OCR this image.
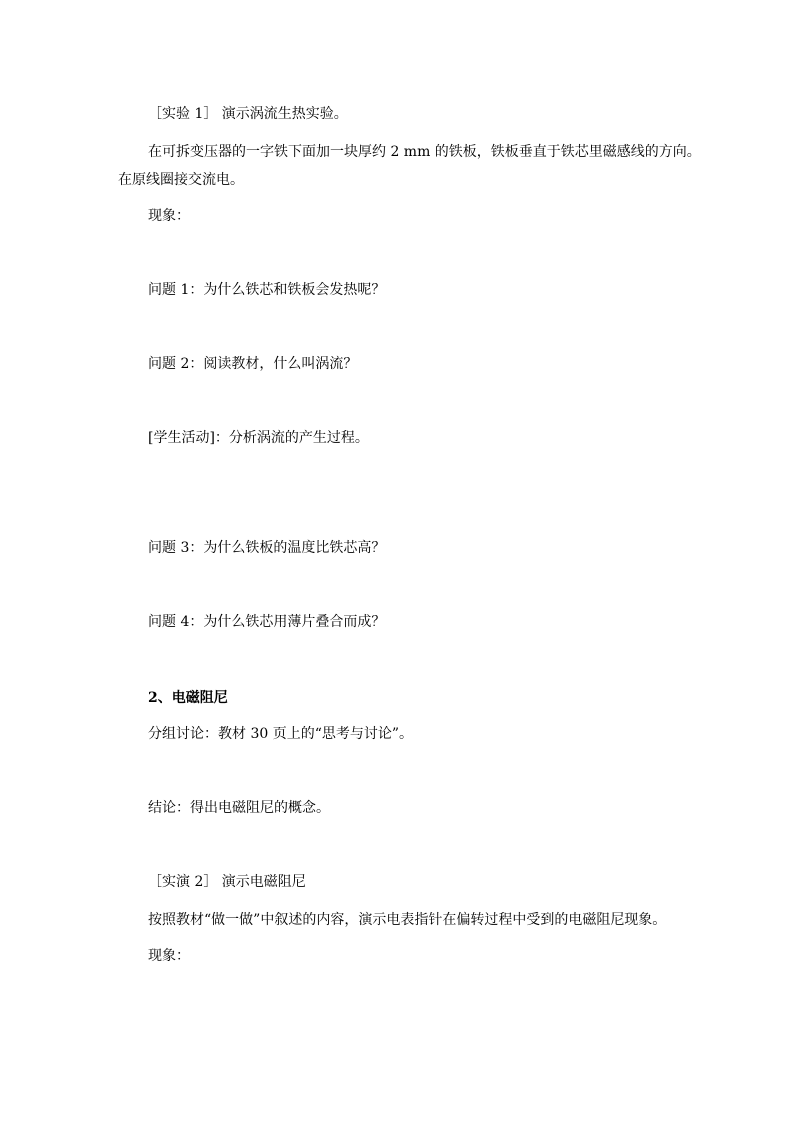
［实验 1］ 演示涡流生热实验。
在可拆变压器的一字铁下面加一块厚约 2 mm 的铁板，铁板垂直于铁芯里磁感线的方向。
在原线圈接交流电。
现象：
问题 1：为什么铁芯和铁板会发热呢？
问题 2：阅读教材，什么叫涡流？
[学生活动]：分析涡流的产生过程。
问题 3：为什么铁板的温度比铁芯高？
问题 4：为什么铁芯用薄片叠合而成？
2、电磁阻尼
分组讨论：教材 30 页上的“思考与讨论”。
结论：得出电磁阻尼的概念。
［实演 2］ 演示电磁阻尼
按照教材“做一做”中叙述的内容，演示电表指针在偏转过程中受到的电磁阻尼现象。
现象：
